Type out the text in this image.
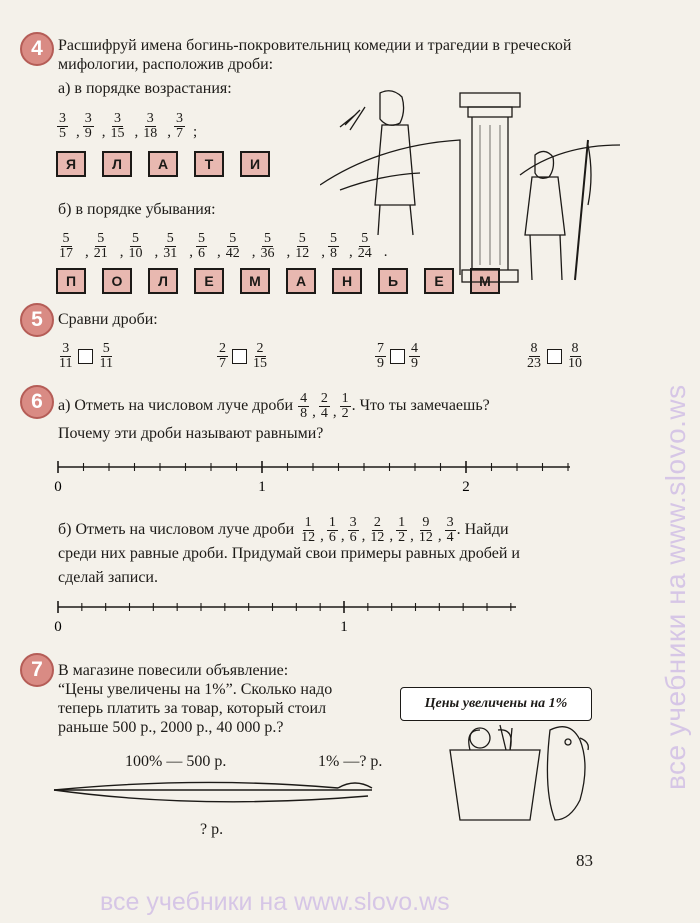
4 Расшифруй имена богинь-покровительниц комедии и трагедии в греческой мифологии, расположив дроби:
а) в порядке возрастания:
$\frac{3}{5}$ , $\frac{3}{9}$ , $\frac{3}{15}$ , $\frac{3}{18}$ , $\frac{3}{7}$ ;
Я	Л	А	Т	И
б) в порядке убывания:
$\frac{5}{17}$ , $\frac{5}{21}$ , $\frac{5}{10}$ , $\frac{5}{31}$ , $\frac{5}{6}$ , $\frac{5}{42}$ , $\frac{5}{36}$ , $\frac{5}{12}$ , $\frac{5}{8}$ , $\frac{5}{24}$ .
П	О	Л	Е	М	А	Н	Ь	Е	М
5 Сравни дроби:
$\frac{3}{11} \frac{5}{11}$	$\frac{2}{7} \frac{2}{15}$	$\frac{7}{9} \frac{4}{9}$	$\frac{8}{23} \frac{8}{10}$
6 а) Отметь на числовом луче дроби $\frac{4}{8}$ , $\frac{2}{4}$ , $\frac{1}{2}$ . Что ты замечаешь?
Почему эти дроби называют равными?
0	1	2
б) Отметь на числовом луче дроби $\frac{1}{12}$ , $\frac{1}{6}$ , $\frac{3}{6}$ , $\frac{2}{12}$ , $\frac{1}{2}$ , $\frac{9}{12}$ , $\frac{3}{4}$ . Найди
среди них равные дроби. Придумай свои примеры равных дробей и
сделай записи.
0	1
7 В магазине повесили объявление:
“Цены увеличены на 1%”. Сколько надо
теперь платить за товар, который стоил
раньше 500 р., 2000 р., 40 000 р.?
Цены увеличены на 1%
100% — 500 р.	1% —? р.
? р.
83
все учебники на www.slovo.ws
все учебники на www.slovo.ws
